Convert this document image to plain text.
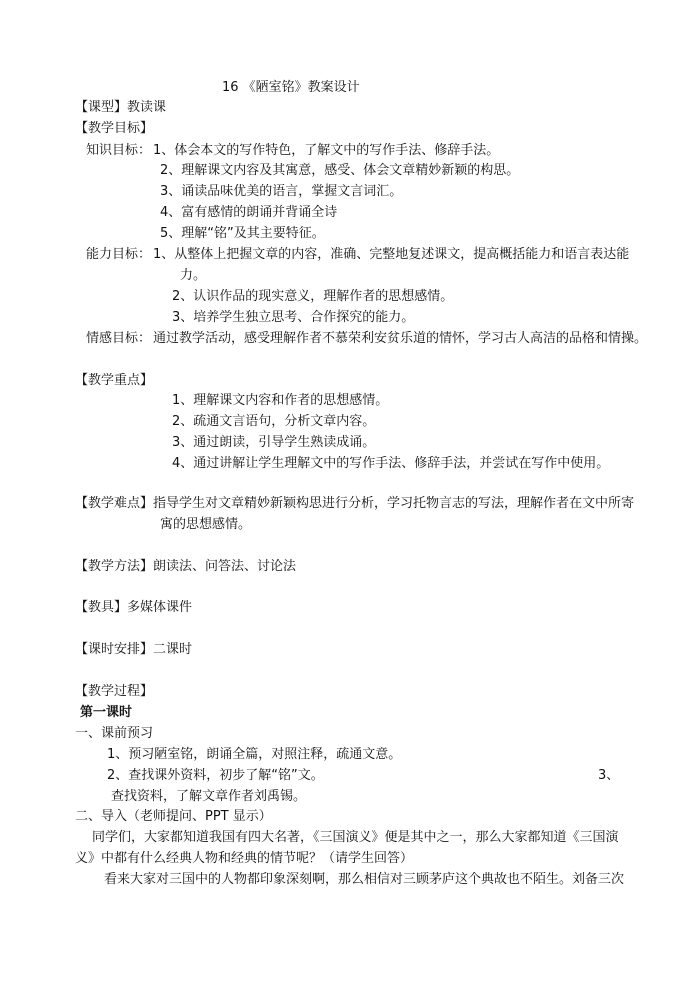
16 《陋室铭》教案设计
【课型】教读课
【教学目标】
知识目标： 1、体会本文的写作特色，了解文中的写作手法、修辞手法。
2、理解课文内容及其寓意，感受、体会文章精妙新颖的构思。
3、诵读品味优美的语言，掌握文言词汇。
4、富有感情的朗诵并背诵全诗
5、理解“铭”及其主要特征。
能力目标： 1、从整体上把握文章的内容，准确、完整地复述课文，提高概括能力和语言表达能
力。
2、认识作品的现实意义，理解作者的思想感情。
3、培养学生独立思考、合作探究的能力。
情感目标： 通过教学活动，感受理解作者不慕荣利安贫乐道的情怀，学习古人高洁的品格和情操。
【教学重点】
1、理解课文内容和作者的思想感情。
2、疏通文言语句，分析文章内容。
3、通过朗读，引导学生熟读成诵。
4、通过讲解让学生理解文中的写作手法、修辞手法，并尝试在写作中使用。
【教学难点】指导学生对文章精妙新颖构思进行分析，学习托物言志的写法，理解作者在文中所寄
寓的思想感情。
【教学方法】朗读法、问答法、讨论法
【教具】多媒体课件
【课时安排】二课时
【教学过程】
第一课时
一、课前预习
1、预习陋室铭，朗诵全篇，对照注释，疏通文意。
2、查找课外资料，初步了解“铭”文。	3、
查找资料，了解文章作者刘禹锡。
二、导入（老师提问、PPT 显示）
同学们，大家都知道我国有四大名著，《三国演义》便是其中之一，那么大家都知道《三国演
义》中都有什么经典人物和经典的情节呢？（请学生回答）
看来大家对三国中的人物都印象深刻啊，那么相信对三顾茅庐这个典故也不陌生。刘备三次
